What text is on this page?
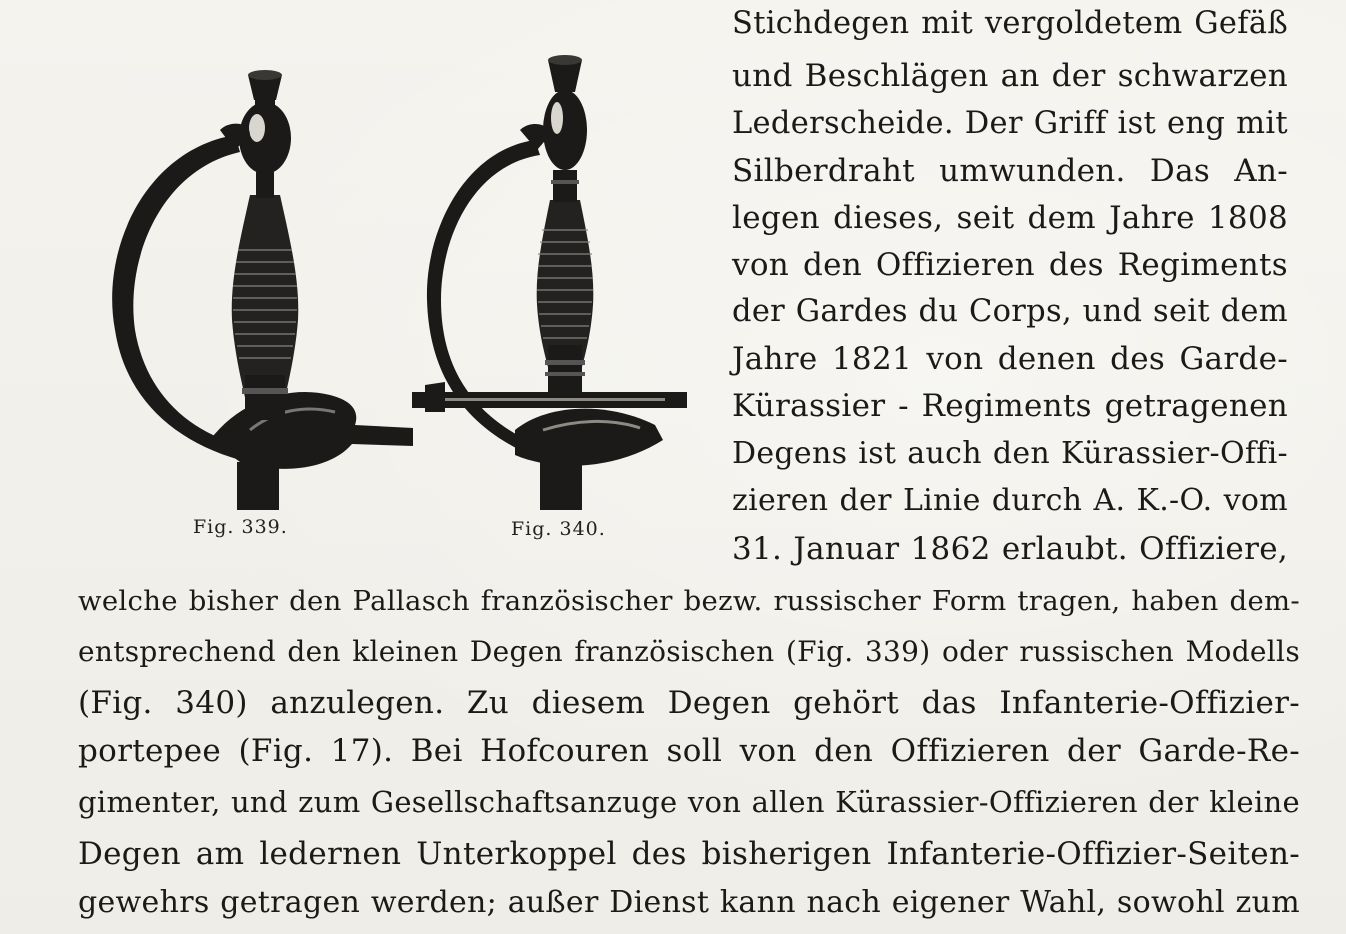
Fig. 339.	Fig. 340.
Stichdegen mit vergoldetem Gefäß
und Beschlägen an der schwarzen
Lederscheide. Der Griff ist eng mit
Silberdraht umwunden. Das An-
legen dieses, seit dem Jahre 1808
von den Offizieren des Regiments
der Gardes du Corps, und seit dem
Jahre 1821 von denen des Garde-
Kürassier - Regiments getragenen
Degens ist auch den Kürassier-Offi-
zieren der Linie durch A. K.-O. vom
31. Januar 1862 erlaubt. Offiziere,
welche bisher den Pallasch französischer bezw. russischer Form tragen, haben dem-
entsprechend den kleinen Degen französischen (Fig. 339) oder russischen Modells
(Fig. 340) anzulegen. Zu diesem Degen gehört das Infanterie-Offizier-
portepee (Fig. 17). Bei Hofcouren soll von den Offizieren der Garde-Re-
gimenter, und zum Gesellschaftsanzuge von allen Kürassier-Offizieren der kleine
Degen am ledernen Unterkoppel des bisherigen Infanterie-Offizier-Seiten-
gewehrs getragen werden; außer Dienst kann nach eigener Wahl, sowohl zum
